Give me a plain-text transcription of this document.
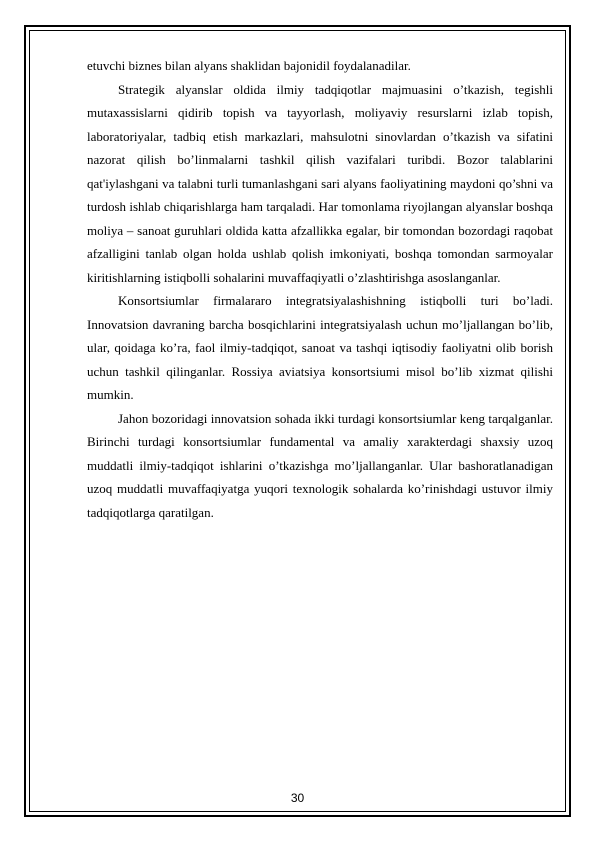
etuvchi biznes bilan alyans shaklidan bajonidil foydalanadilar.

Strategik alyanslar oldida ilmiy tadqiqotlar majmuasini o’tkazish, tegishli mutaxassislarni qidirib topish va tayyorlash, moliyaviy resurslarni izlab topish, laboratoriyalar, tadbiq etish markazlari, mahsulotni sinovlardan o’tkazish va sifatini nazorat qilish bo’linmalarni tashkil qilish vazifalari turibdi. Bozor talablarini qat'iylashgani va talabni turli tumanlashgani sari alyans faoliyatining maydoni qo’shni va turdosh ishlab chiqarishlarga ham tarqaladi. Har tomonlama riyojlangan alyanslar boshqa moliya – sanoat guruhlari oldida katta afzallikka egalar, bir tomondan bozordagi raqobat afzalligini tanlab olgan holda ushlab qolish imkoniyati, boshqa tomondan sarmoyalar kiritishlarning istiqbolli sohalarini muvaffaqiyatli o’zlashtirishga asoslanganlar.

Konsortsiumlar firmalararo integratsiyalashishning istiqbolli turi bo’ladi. Innovatsion davraning barcha bosqichlarini integratsiyalash uchun mo’ljallangan bo’lib, ular, qoidaga ko’ra, faol ilmiy-tadqiqot, sanoat va tashqi iqtisodiy faoliyatni olib borish uchun tashkil qilinganlar. Rossiya aviatsiya konsortsiumi misol bo’lib xizmat qilishi mumkin.

Jahon bozoridagi innovatsion sohada ikki turdagi konsortsiumlar keng tarqalganlar. Birinchi turdagi konsortsiumlar fundamental va amaliy xarakterdagi shaxsiy uzoq muddatli ilmiy-tadqiqot ishlarini o’tkazishga mo’ljallanganlar. Ular bashoratlanadigan uzoq muddatli muvaffaqiyatga yuqori texnologik sohalarda ko’rinishdagi ustuvor ilmiy tadqiqotlarga qaratilgan.

30
